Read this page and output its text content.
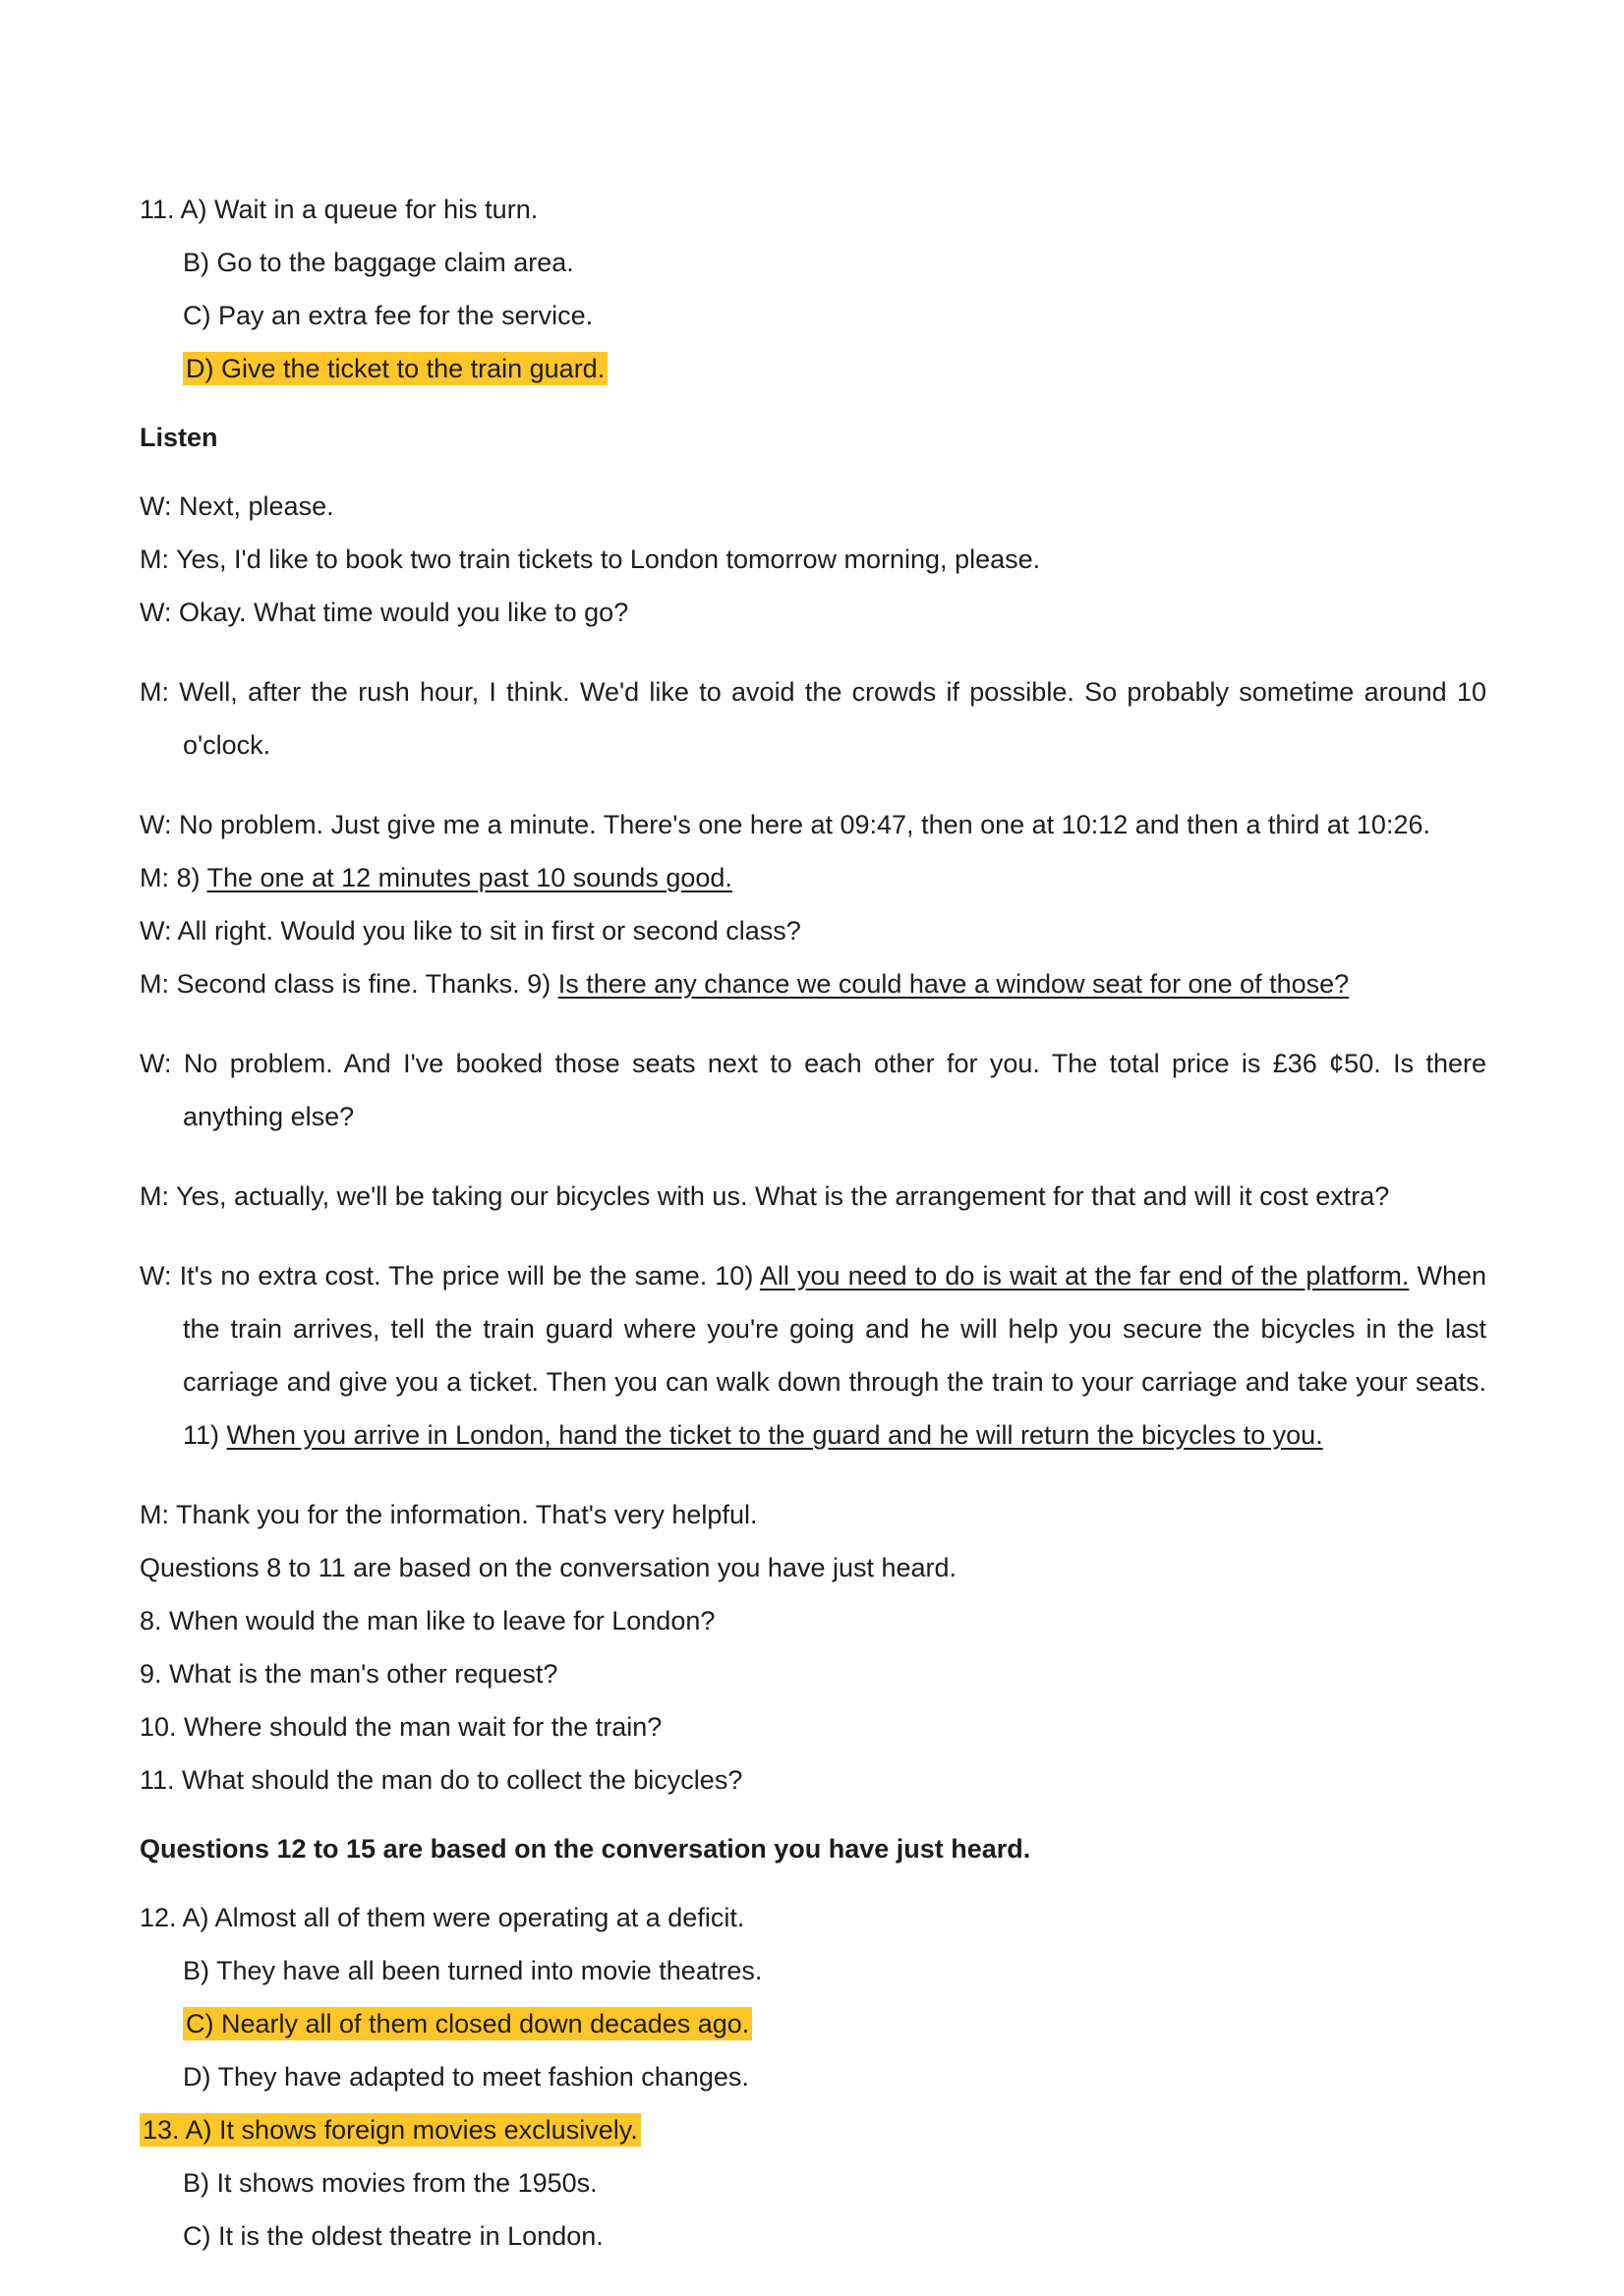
11. A) Wait in a queue for his turn.

B) Go to the baggage claim area.

C) Pay an extra fee for the service.

D) Give the ticket to the train guard.

Listen

W: Next, please.

M: Yes, I'd like to book two train tickets to London tomorrow morning, please.

W: Okay. What time would you like to go?

M: Well, after the rush hour, I think. We'd like to avoid the crowds if possible. So probably sometime around 10 o'clock.

W: No problem. Just give me a minute. There's one here at 09:47, then one at 10:12 and then a third at 10:26.

M: 8) The one at 12 minutes past 10 sounds good.

W: All right. Would you like to sit in first or second class?

M: Second class is fine. Thanks. 9) Is there any chance we could have a window seat for one of those?

W: No problem. And I've booked those seats next to each other for you. The total price is £36 ¢50. Is there anything else?

M: Yes, actually, we'll be taking our bicycles with us. What is the arrangement for that and will it cost extra?

W: It's no extra cost. The price will be the same. 10) All you need to do is wait at the far end of the platform. When the train arrives, tell the train guard where you're going and he will help you secure the bicycles in the last carriage and give you a ticket. Then you can walk down through the train to your carriage and take your seats. 11) When you arrive in London, hand the ticket to the guard and he will return the bicycles to you.

M: Thank you for the information. That's very helpful.

Questions 8 to 11 are based on the conversation you have just heard.

8. When would the man like to leave for London?

9. What is the man's other request?

10. Where should the man wait for the train?

11. What should the man do to collect the bicycles?

Questions 12 to 15 are based on the conversation you have just heard.

12. A) Almost all of them were operating at a deficit.

B) They have all been turned into movie theatres.

C) Nearly all of them closed down decades ago.

D) They have adapted to meet fashion changes.

13. A) It shows foreign movies exclusively.

B) It shows movies from the 1950s.

C) It is the oldest theatre in London.
